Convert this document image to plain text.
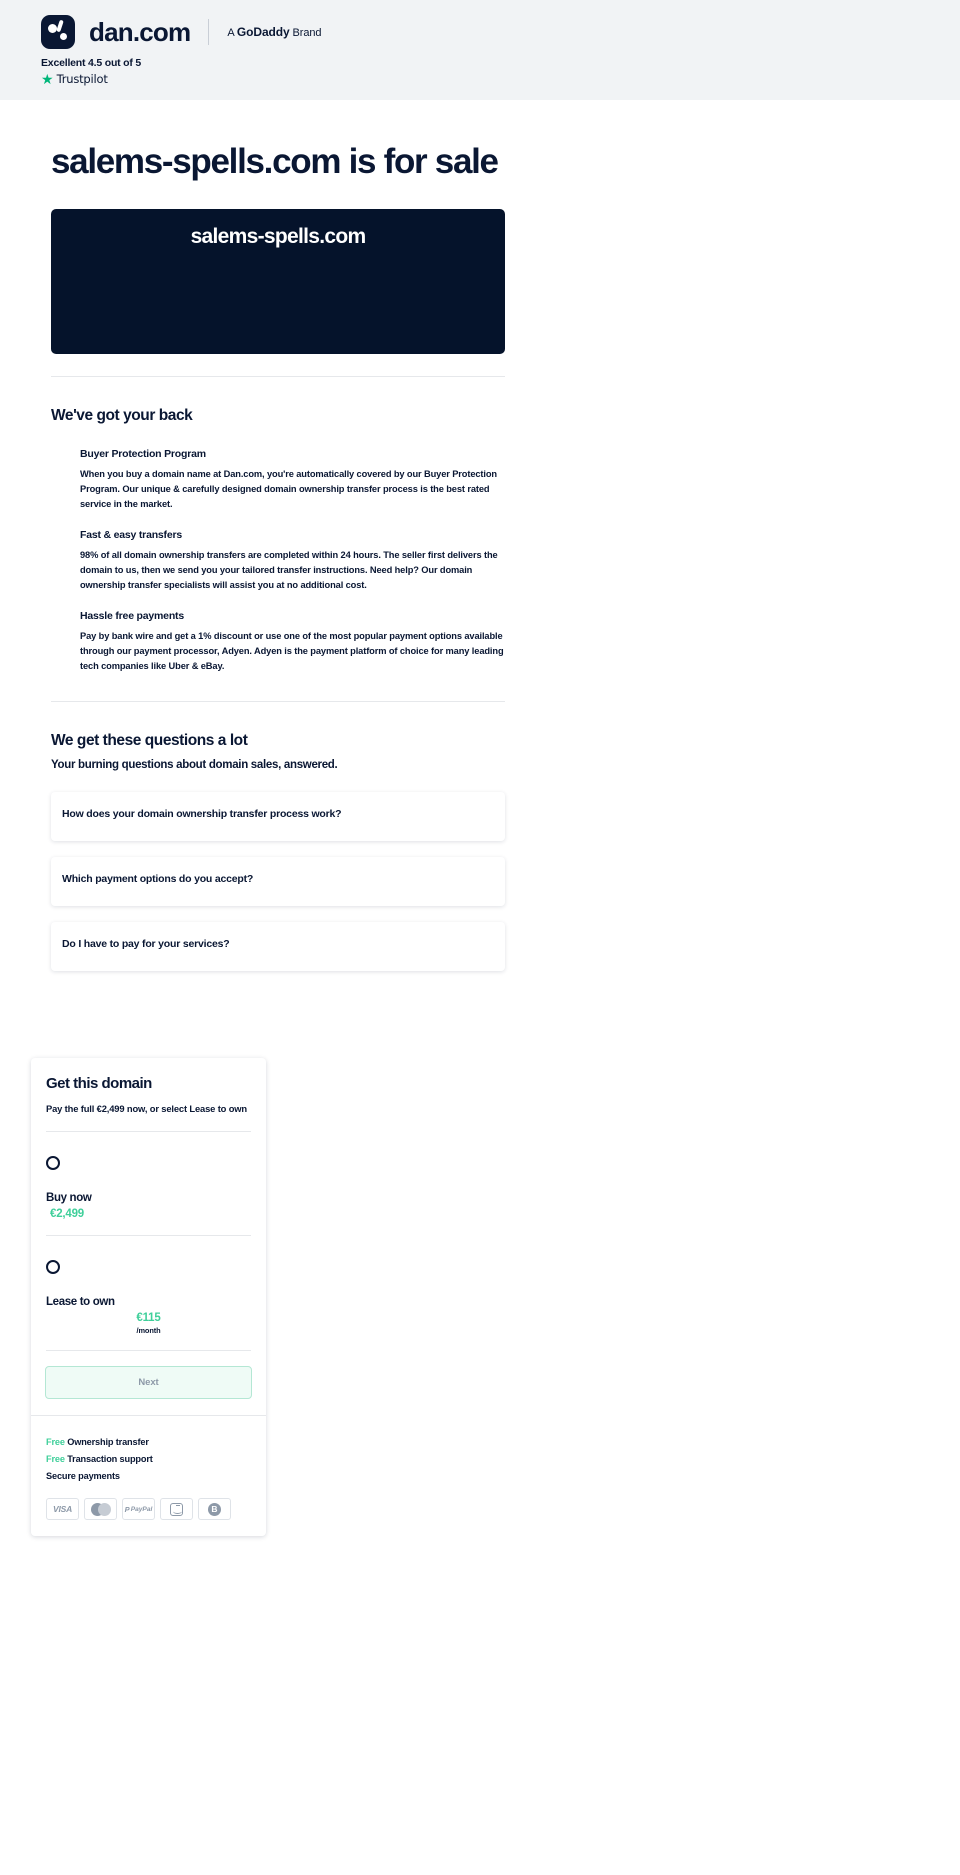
dan.com	A GoDaddy Brand
Excellent 4.5 out of 5
★ Trustpilot
salems-spells.com is for sale
salems-spells.com
We've got your back
Buyer Protection Program
When you buy a domain name at Dan.com, you're automatically covered by our Buyer Protection Program. Our unique & carefully designed domain ownership transfer process is the best rated service in the market.
Fast & easy transfers
98% of all domain ownership transfers are completed within 24 hours. The seller first delivers the domain to us, then we send you your tailored transfer instructions. Need help? Our domain ownership transfer specialists will assist you at no additional cost.
Hassle free payments
Pay by bank wire and get a 1% discount or use one of the most popular payment options available through our payment processor, Adyen. Adyen is the payment platform of choice for many leading tech companies like Uber & eBay.
We get these questions a lot
Your burning questions about domain sales, answered.
How does your domain ownership transfer process work?
Which payment options do you accept?
Do I have to pay for your services?
Get this domain
Pay the full €2,499 now, or select Lease to own
Buy now
€2,499
Lease to own
€115
/month
Next
Free Ownership transfer
Free Transaction support
Secure payments
VISA	P PayPal	B
